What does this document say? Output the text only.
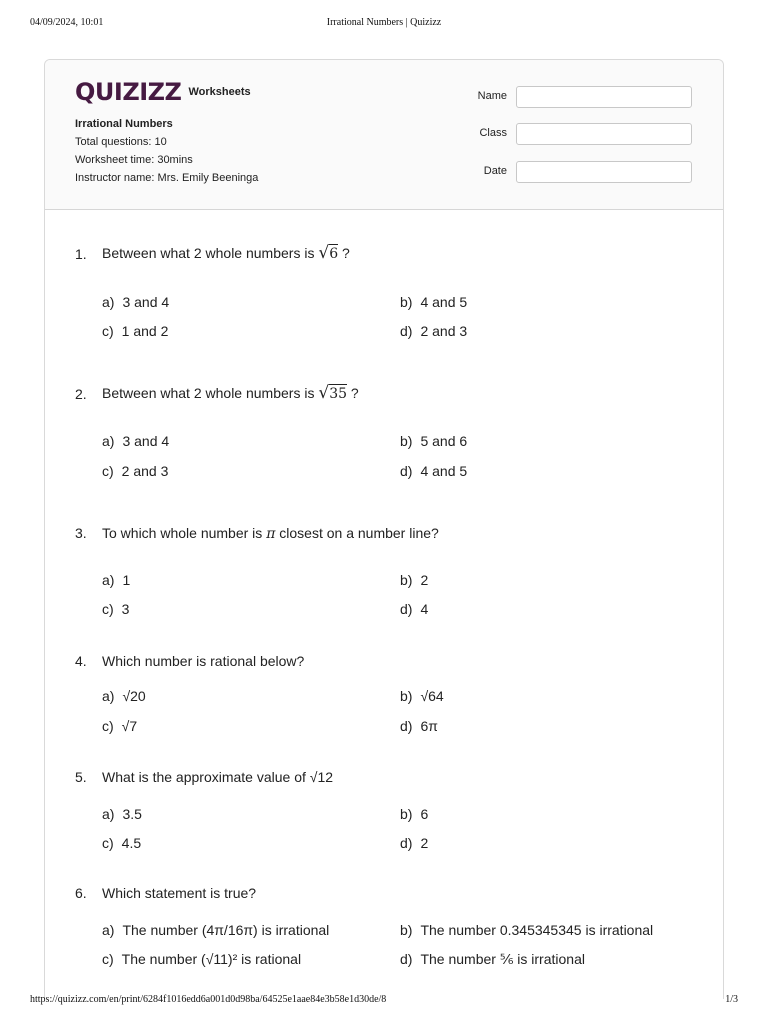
04/09/2024, 10:01	Irrational Numbers | Quizizz
QUIZIZZ Worksheets
Irrational Numbers
Total questions: 10
Worksheet time: 30mins
Instructor name: Mrs. Emily Beeninga
Name
Class
Date
1. Between what 2 whole numbers is √6 ?
a) 3 and 4	b) 4 and 5
c) 1 and 2	d) 2 and 3
2. Between what 2 whole numbers is √35 ?
a) 3 and 4	b) 5 and 6
c) 2 and 3	d) 4 and 5
3. To which whole number is π closest on a number line?
a) 1	b) 2
c) 3	d) 4
4. Which number is rational below?
a) √20	b) √64
c) √7	d) 6π
5. What is the approximate value of √12
a) 3.5	b) 6
c) 4.5	d) 2
6. Which statement is true?
a) The number (4π/16π) is irrational	b) The number 0.345345345 is irrational
c) The number (√11)² is rational	d) The number ⅚ is irrational
https://quizizz.com/en/print/6284f1016edd6a001d0d98ba/64525e1aae84e3b58e1d30de/8	1/3
